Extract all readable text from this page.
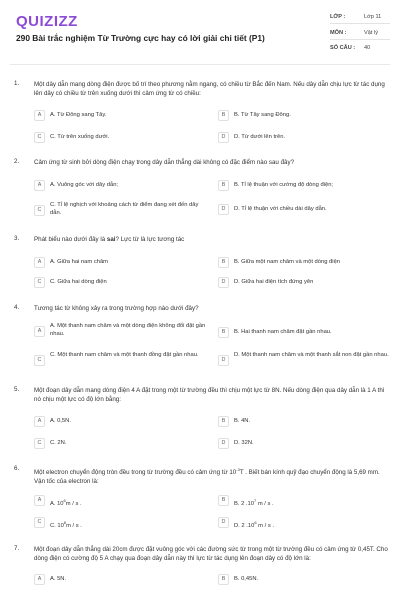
QUIZIZZ
290 Bài trắc nghiệm Từ Trường cực hay có lời giải chi tiết (P1)
LỚP :	Lớp 11
MÔN :	Vật lý
SỐ CÂU : 40
1. Một dây dẫn mang dòng điện được bố trí theo phương nằm ngang, có chiều từ Bắc đến Nam. Nếu dây dẫn chịu lực từ tác dụng lên dây có chiều từ trên xuống dưới thì cảm ứng từ có chiều:
A	A. Từ Đông sang Tây.	B	B. Từ Tây sang Đông.
C	C. Từ trên xuống dưới.	D	D. Từ dưới lên trên.
2. Cảm ứng từ sinh bởi dòng điện chạy trong dây dẫn thẳng dài không có đặc điểm nào sau đây?
A	A. Vuông góc với dây dẫn;	B	B. Tỉ lệ thuận với cường độ dòng điện;
C
C. Tỉ lệ nghịch với khoảng cách từ điểm đang xét đến dây dẫn.
D	D. Tỉ lệ thuận với chiều dài dây dẫn.
3. Phát biểu nào dưới đây là sai? Lực từ là lực tương tác
A	A. Giữa hai nam châm	B	B. Giữa một nam châm và một dòng điện
C	C. Giữa hai dòng điện	D	D. Giữa hai điện tích đứng yên
4. Tương tác từ không xảy ra trong trường hợp nào dưới đây?
A
A. Một thanh nam châm và một dòng điện không đổi đặt gần nhau.	B	B. Hai thanh nam châm đặt gần nhau.
C
C. Một thanh nam châm và một thanh đồng đặt gần nhau.
D
D. Một thanh nam châm và một thanh sắt non đặt gần nhau.
5. Một đoạn dây dẫn mang dòng điện 4 A đặt trong một từ trường đều thì chịu một lực từ 8N. Nếu dòng điện qua dây dẫn là 1 A thì nó chịu một lực có độ lớn bằng:
A	A. 0,5N.	B	B. 4N.
C	C. 2N.	D	D. 32N.
6.
Một electron chuyển động tròn đều trong từ trường đều có cảm ứng từ $10^{-3}T$ . Biết bán kính quỹ đạo chuyển động là 5,69 mm. Vận tốc của electron là:
A
A. $10^6m$ / s .
B
B. 2 $.10^7$ m / s .
C
C. $10^6m$ / s .
D
D. 2 $.10^6$ m / s .
7. Một đoạn dây dẫn thẳng dài 20cm được đặt vuông góc với các đường sức từ trong một từ trường đều có cảm ứng từ 0,45T. Cho dòng điện có cường độ 5 A chạy qua đoạn dây dẫn này thì lực từ tác dụng lên đoạn dây có độ lớn là:
A	A. 5N.	B	B. 0,45N.
